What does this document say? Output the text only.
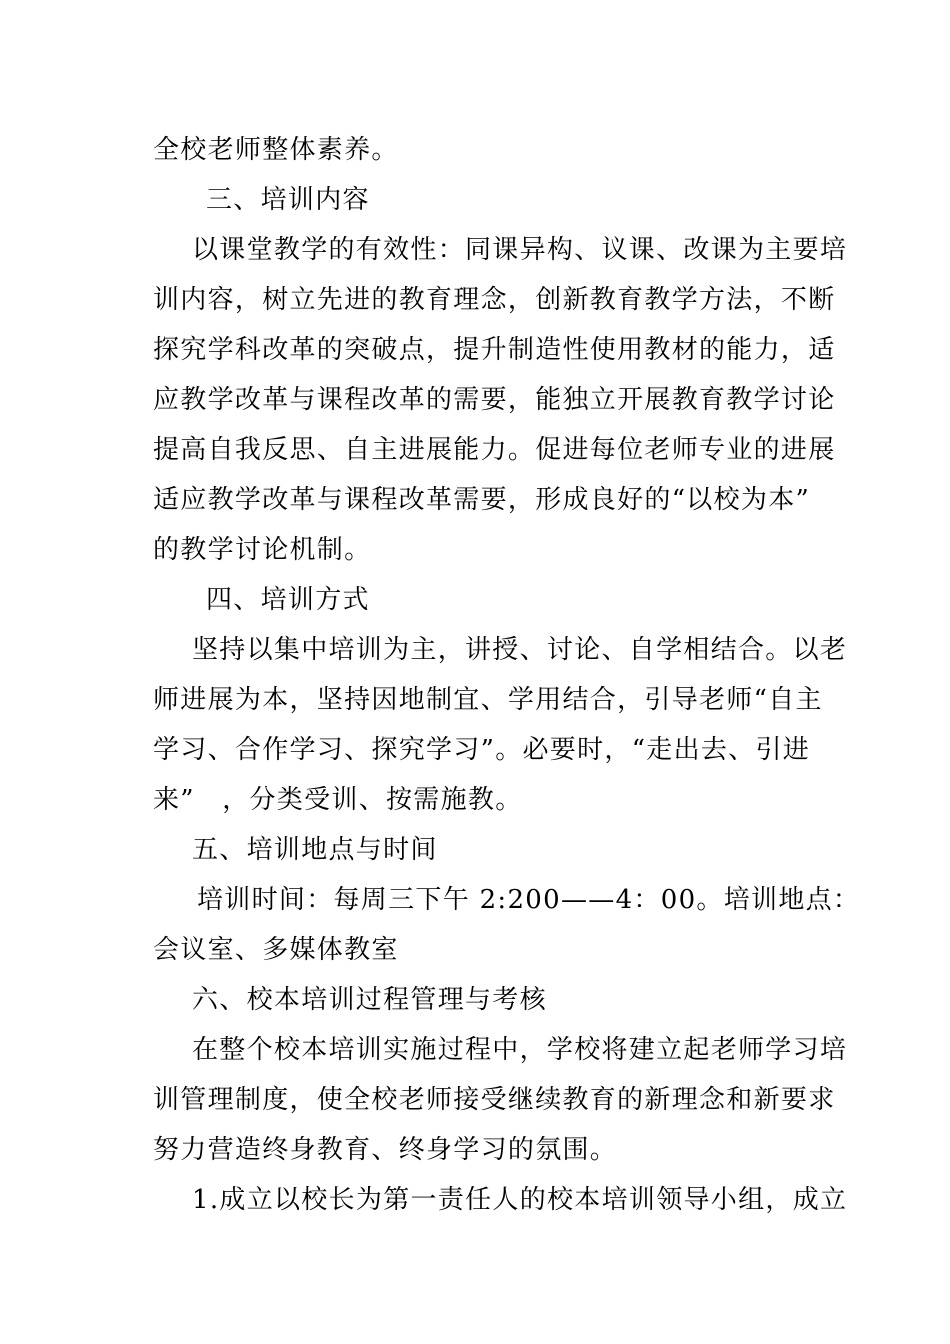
全校老师整体素养。
三、培训内容
以课堂教学的有效性：同课异构、议课、改课为主要培
训内容，树立先进的教育理念，创新教育教学方法，不断
探究学科改革的突破点，提升制造性使用教材的能力，适
应教学改革与课程改革的需要，能独立开展教育教学讨论
提高自我反思、自主进展能力。促进每位老师专业的进展
适应教学改革与课程改革需要，形成良好的“以校为本”
的教学讨论机制。
四、培训方式
坚持以集中培训为主，讲授、讨论、自学相结合。以老
师进展为本，坚持因地制宜、学用结合，引导老师“自主
学习、合作学习、探究学习”。必要时，“走出去、引进
来”　，分类受训、按需施教。
五、培训地点与时间
培训时间：每周三下午 2:200——4：00。培训地点：
会议室、多媒体教室
六、校本培训过程管理与考核
在整个校本培训实施过程中，学校将建立起老师学习培
训管理制度，使全校老师接受继续教育的新理念和新要求
努力营造终身教育、终身学习的氛围。
1.成立以校长为第一责任人的校本培训领导小组，成立
